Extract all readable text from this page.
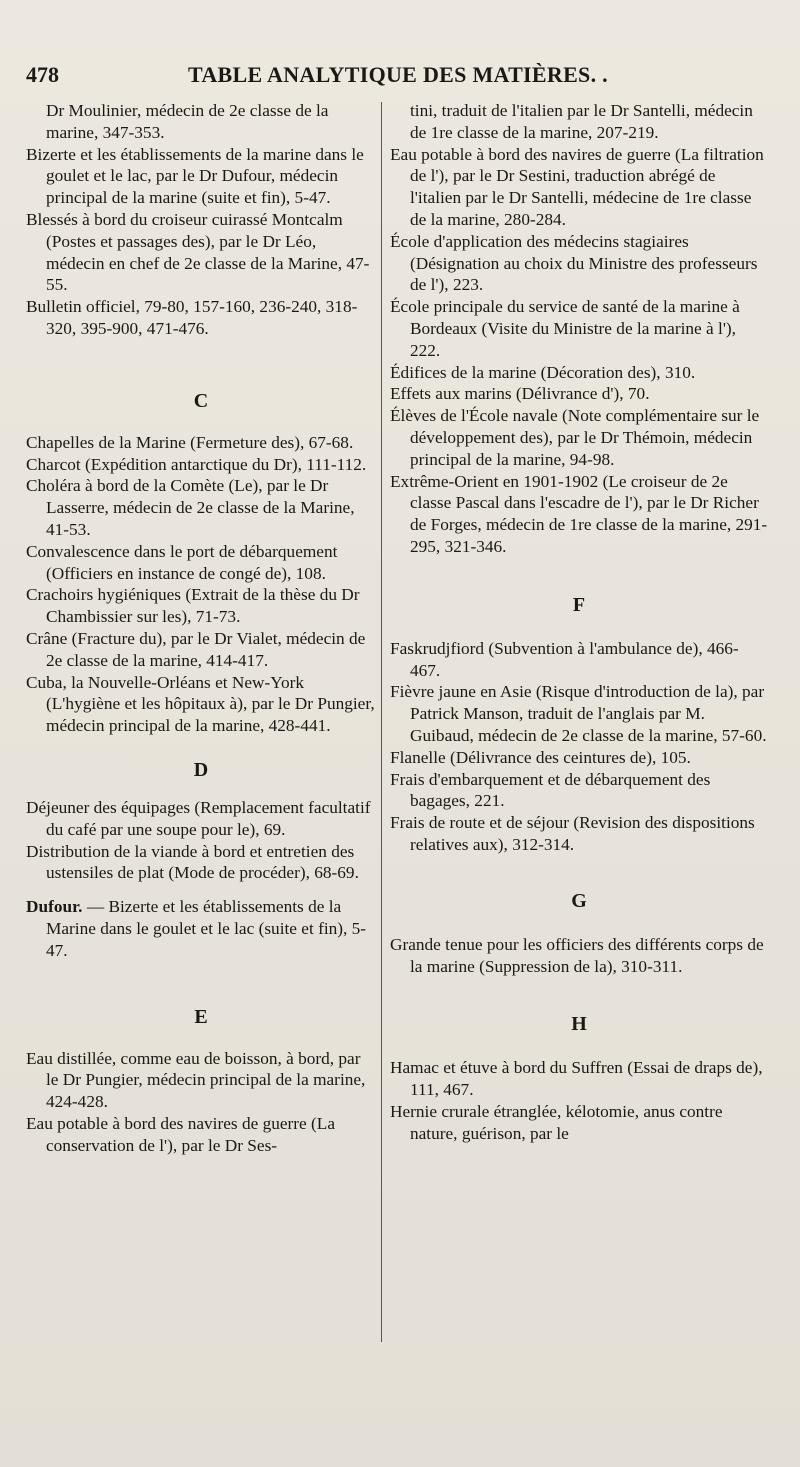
478	TABLE ANALYTIQUE DES MATIÈRES. .

Dr Moulinier, médecin de 2e classe de la marine, 347-353.

Bizerte et les établissements de la marine dans le goulet et le lac, par le Dr Dufour, médecin principal de la marine (suite et fin), 5-47.

Blessés à bord du croiseur cuirassé Montcalm (Postes et passages des), par le Dr Léo, médecin en chef de 2e classe de la Marine, 47-55.

Bulletin officiel, 79-80, 157-160, 236-240, 318-320, 395-900, 471-476.

C

Chapelles de la Marine (Fermeture des), 67-68.

Charcot (Expédition antarctique du Dr), 111-112.

Choléra à bord de la Comète (Le), par le Dr Lasserre, médecin de 2e classe de la Marine, 41-53.

Convalescence dans le port de débarquement (Officiers en instance de congé de), 108.

Crachoirs hygiéniques (Extrait de la thèse du Dr Chambissier sur les), 71-73.

Crâne (Fracture du), par le Dr Vialet, médecin de 2e classe de la marine, 414-417.

Cuba, la Nouvelle-Orléans et New-York (L'hygiène et les hôpitaux à), par le Dr Pungier, médecin principal de la marine, 428-441.

D

Déjeuner des équipages (Remplacement facultatif du café par une soupe pour le), 69.

Distribution de la viande à bord et entretien des ustensiles de plat (Mode de procéder), 68-69.

Dufour. — Bizerte et les établissements de la Marine dans le goulet et le lac (suite et fin), 5-47.

E

Eau distillée, comme eau de boisson, à bord, par le Dr Pungier, médecin principal de la marine, 424-428.

Eau potable à bord des navires de guerre (La conservation de l'), par le Dr Ses-

tini, traduit de l'italien par le Dr Santelli, médecin de 1re classe de la marine, 207-219.

Eau potable à bord des navires de guerre (La filtration de l'), par le Dr Sestini, traduction abrégé de l'italien par le Dr Santelli, médecine de 1re classe de la marine, 280-284.

École d'application des médecins stagiaires (Désignation au choix du Ministre des professeurs de l'), 223.

École principale du service de santé de la marine à Bordeaux (Visite du Ministre de la marine à l'), 222.

Édifices de la marine (Décoration des), 310.

Effets aux marins (Délivrance d'), 70.

Élèves de l'École navale (Note complémentaire sur le développement des), par le Dr Thémoin, médecin principal de la marine, 94-98.

Extrême-Orient en 1901-1902 (Le croiseur de 2e classe Pascal dans l'escadre de l'), par le Dr Richer de Forges, médecin de 1re classe de la marine, 291-295, 321-346.

F

Faskrudjfiord (Subvention à l'ambulance de), 466-467.

Fièvre jaune en Asie (Risque d'introduction de la), par Patrick Manson, traduit de l'anglais par M. Guibaud, médecin de 2e classe de la marine, 57-60.

Flanelle (Délivrance des ceintures de), 105.

Frais d'embarquement et de débarquement des bagages, 221.

Frais de route et de séjour (Revision des dispositions relatives aux), 312-314.

G

Grande tenue pour les officiers des différents corps de la marine (Suppression de la), 310-311.

H

Hamac et étuve à bord du Suffren (Essai de draps de), 111, 467.

Hernie crurale étranglée, kélotomie, anus contre nature, guérison, par le
